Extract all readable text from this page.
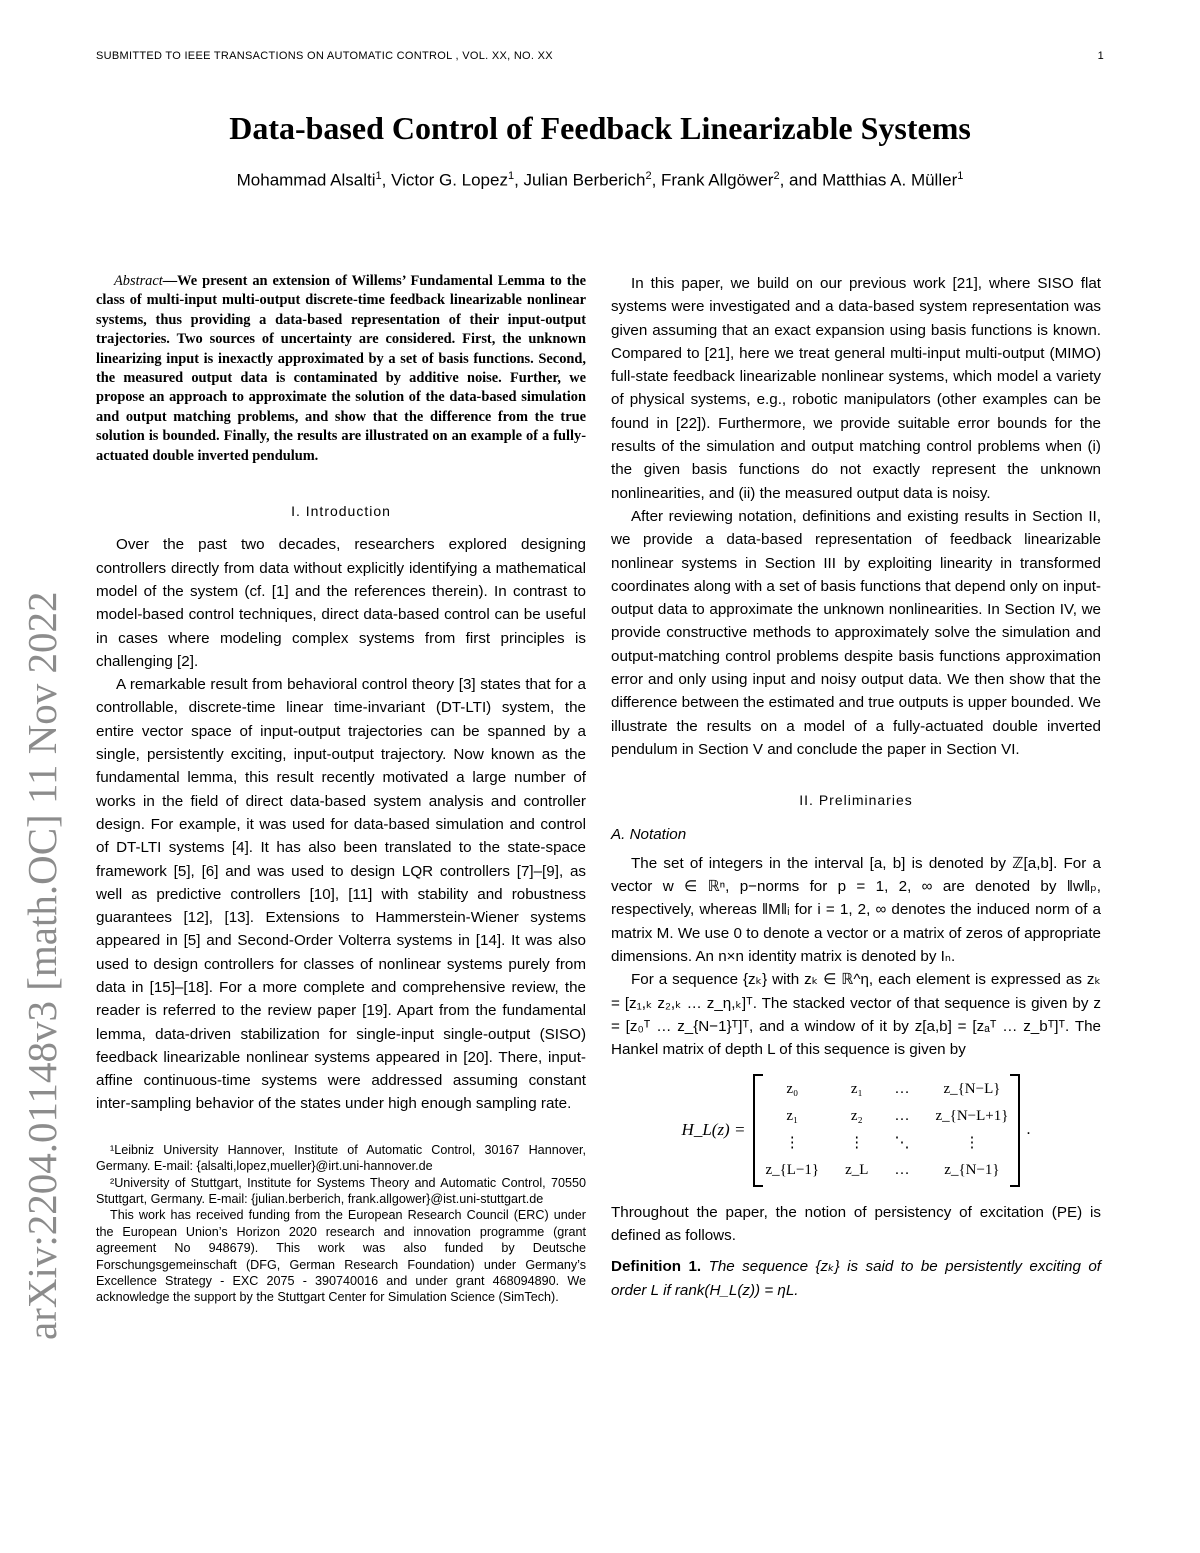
SUBMITTED TO IEEE TRANSACTIONS ON AUTOMATIC CONTROL , VOL. XX, NO. XX	1
Data-based Control of Feedback Linearizable Systems
Mohammad Alsalti$^1$, Victor G. Lopez$^1$, Julian Berberich$^2$, Frank Allgöwer$^2$, and Matthias A. Müller$^1$
arXiv:2204.01148v3 [math.OC] 11 Nov 2022
Abstract—We present an extension of Willems’ Fundamental Lemma to the class of multi-input multi-output discrete-time feedback linearizable nonlinear systems, thus providing a data-based representation of their input-output trajectories. Two sources of uncertainty are considered. First, the unknown linearizing input is inexactly approximated by a set of basis functions. Second, the measured output data is contaminated by additive noise. Further, we propose an approach to approximate the solution of the data-based simulation and output matching problems, and show that the difference from the true solution is bounded. Finally, the results are illustrated on an example of a fully-actuated double inverted pendulum.
I. Introduction

Over the past two decades, researchers explored designing controllers directly from data without explicitly identifying a mathematical model of the system (cf. [1] and the references therein). In contrast to model-based control techniques, direct data-based control can be useful in cases where modeling complex systems from first principles is challenging [2].

A remarkable result from behavioral control theory [3] states that for a controllable, discrete-time linear time-invariant (DT-LTI) system, the entire vector space of input-output trajectories can be spanned by a single, persistently exciting, input-output trajectory. Now known as the fundamental lemma, this result recently motivated a large number of works in the field of direct data-based system analysis and controller design. For example, it was used for data-based simulation and control of DT-LTI systems [4]. It has also been translated to the state-space framework [5], [6] and was used to design LQR controllers [7]–[9], as well as predictive controllers [10], [11] with stability and robustness guarantees [12], [13]. Extensions to Hammerstein-Wiener systems appeared in [5] and Second-Order Volterra systems in [14]. It was also used to design controllers for classes of nonlinear systems purely from data in [15]–[18]. For a more complete and comprehensive review, the reader is referred to the review paper [19]. Apart from the fundamental lemma, data-driven stabilization for single-input single-output (SISO) feedback linearizable nonlinear systems appeared in [20]. There, input-affine continuous-time systems were addressed assuming constant inter-sampling behavior of the states under high enough sampling rate.

¹Leibniz University Hannover, Institute of Automatic Control, 30167 Hannover, Germany. E-mail: {alsalti,lopez,mueller}@irt.uni-hannover.de

²University of Stuttgart, Institute for Systems Theory and Automatic Control, 70550 Stuttgart, Germany. E-mail: {julian.berberich, frank.allgower}@ist.uni-stuttgart.de

This work has received funding from the European Research Council (ERC) under the European Union’s Horizon 2020 research and innovation programme (grant agreement No 948679). This work was also funded by Deutsche Forschungsgemeinschaft (DFG, German Research Foundation) under Germany’s Excellence Strategy - EXC 2075 - 390740016 and under grant 468094890. We acknowledge the support by the Stuttgart Center for Simulation Science (SimTech).

In this paper, we build on our previous work [21], where SISO flat systems were investigated and a data-based system representation was given assuming that an exact expansion using basis functions is known. Compared to [21], here we treat general multi-input multi-output (MIMO) full-state feedback linearizable nonlinear systems, which model a variety of physical systems, e.g., robotic manipulators (other examples can be found in [22]). Furthermore, we provide suitable error bounds for the results of the simulation and output matching control problems when (i) the given basis functions do not exactly represent the unknown nonlinearities, and (ii) the measured output data is noisy.

After reviewing notation, definitions and existing results in Section II, we provide a data-based representation of feedback linearizable nonlinear systems in Section III by exploiting linearity in transformed coordinates along with a set of basis functions that depend only on input-output data to approximate the unknown nonlinearities. In Section IV, we provide constructive methods to approximately solve the simulation and output-matching control problems despite basis functions approximation error and only using input and noisy output data. We then show that the difference between the estimated and true outputs is upper bounded. We illustrate the results on a model of a fully-actuated double inverted pendulum in Section V and conclude the paper in Section VI.

II. Preliminaries
A. Notation

The set of integers in the interval [a, b] is denoted by ℤ[a,b]. For a vector w ∈ ℝⁿ, p−norms for p = 1, 2, ∞ are denoted by ‖w‖ₚ, respectively, whereas ‖M‖ᵢ for i = 1, 2, ∞ denotes the induced norm of a matrix M. We use 0 to denote a vector or a matrix of zeros of appropriate dimensions. An n×n identity matrix is denoted by Iₙ.

For a sequence {zₖ} with zₖ ∈ ℝ^η, each element is expressed as zₖ = [z₁,ₖ z₂,ₖ … z_η,ₖ]ᵀ. The stacked vector of that sequence is given by z = [z₀ᵀ … z_{N−1}ᵀ]ᵀ, and a window of it by z[a,b] = [zₐᵀ … z_bᵀ]ᵀ. The Hankel matrix of depth L of this sequence is given by

H_L(z) =
z₀	z₁	…	z_{N−L}
z₁	z₂	… z_{N−L+1}
⋮	⋮ ⋱	⋮
z_{L−1} z_L …	z_{N−1}
.

Throughout the paper, the notion of persistency of excitation (PE) is defined as follows.

Definition 1. The sequence {zₖ} is said to be persistently exciting of order L if rank(H_L(z)) = ηL.
